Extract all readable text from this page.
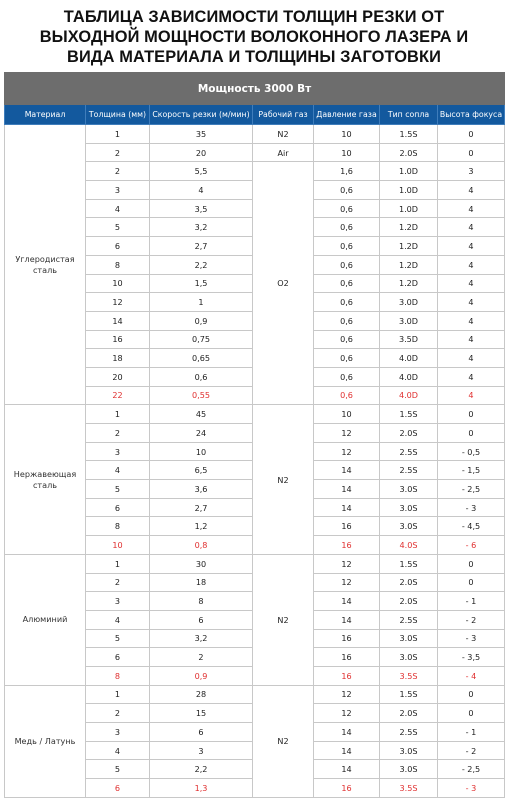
ТАБЛИЦА ЗАВИСИМОСТИ ТОЛЩИН РЕЗКИ ОТ
ВЫХОДНОЙ МОЩНОСТИ ВОЛОКОННОГО ЛАЗЕРА И
ВИДА МАТЕРИАЛА И ТОЛЩИНЫ ЗАГОТОВКИ
Мощность 3000 Вт						
Материал	Толщина (мм)	Скорость резки (м/мин)	Рабочий газ	Давление газа	Тип сопла	Высота фокуса
Углеродистая сталь	1	35	N2	10	1.5S	0
	2	20	Air	10	2.0S	0
	2	5,5	O2	1,6	1.0D	3
	3	4		0,6	1.0D	4
	4	3,5		0,6	1.0D	4
	5	3,2		0,6	1.2D	4
	6	2,7		0,6	1.2D	4
	8	2,2		0,6	1.2D	4
	10	1,5		0,6	1.2D	4
	12	1		0,6	3.0D	4
	14	0,9		0,6	3.0D	4
	16	0,75		0,6	3.5D	4
	18	0,65		0,6	4.0D	4
	20	0,6		0,6	4.0D	4
	22	0,55		0,6	4.0D	4
Нержавеющая сталь	1	45	N2	10	1.5S	0
	2	24		12	2.0S	0
	3	10		12	2.5S	- 0,5
	4	6,5		14	2.5S	- 1,5
	5	3,6		14	3.0S	- 2,5
	6	2,7		14	3.0S	- 3
	8	1,2		16	3.0S	- 4,5
	10	0,8		16	4.0S	- 6
Алюминий	1	30	N2	12	1.5S	0
	2	18		12	2.0S	0
	3	8		14	2.0S	- 1
	4	6		14	2.5S	- 2
	5	3,2		16	3.0S	- 3
	6	2		16	3.0S	- 3,5
	8	0,9		16	3.5S	- 4
Медь / Латунь	1	28	N2	12	1.5S	0
	2	15		12	2.0S	0
	3	6		14	2.5S	- 1
	4	3		14	3.0S	- 2
	5	2,2		14	3.0S	- 2,5
	6	1,3		16	3.5S	- 3
